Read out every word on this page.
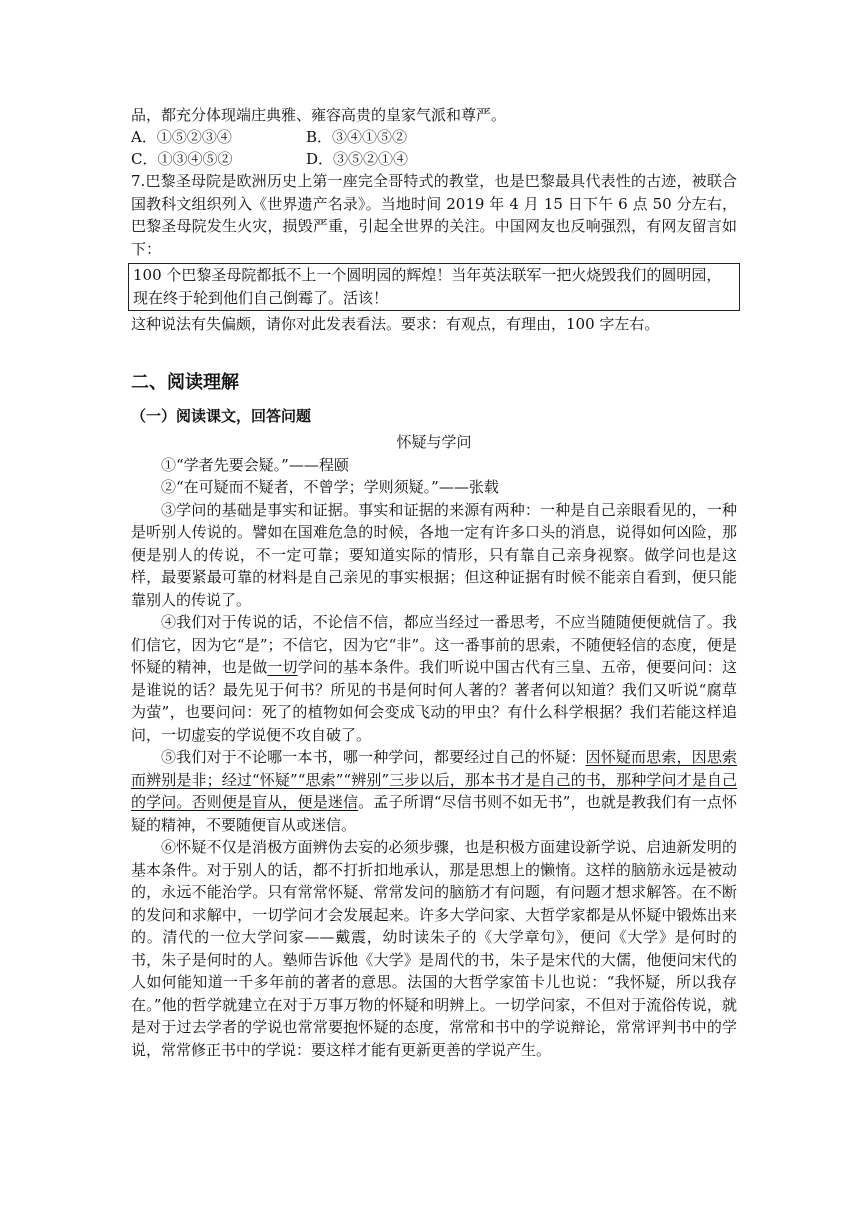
品，都充分体现端庄典雅、雍容高贵的皇家气派和尊严。
A．①⑤②③④	B．③④①⑤②
C．①③④⑤②	D．③⑤②①④
7.巴黎圣母院是欧洲历史上第一座完全哥特式的教堂，也是巴黎最具代表性的古迹，被联合国教科文组织列入《世界遗产名录》。当地时间 2019 年 4 月 15 日下午 6 点 50 分左右，巴黎圣母院发生火灾，损毁严重，引起全世界的关注。中国网友也反响强烈，有网友留言如下：
100 个巴黎圣母院都抵不上一个圆明园的辉煌！当年英法联军一把火烧毁我们的圆明园，现在终于轮到他们自己倒霉了。活该！
这种说法有失偏颇，请你对此发表看法。要求：有观点，有理由，100 字左右。
二、阅读理解
（一）阅读课文，回答问题
怀疑与学问
①“学者先要会疑。”——程颐
②“在可疑而不疑者，不曾学；学则须疑。”——张载
③学问的基础是事实和证据。事实和证据的来源有两种：一种是自己亲眼看见的，一种是听别人传说的。譬如在国难危急的时候，各地一定有许多口头的消息，说得如何凶险，那便是别人的传说，不一定可靠；要知道实际的情形，只有靠自己亲身视察。做学问也是这样，最要紧最可靠的材料是自己亲见的事实根据；但这种证据有时候不能亲自看到，便只能靠别人的传说了。
④我们对于传说的话，不论信不信，都应当经过一番思考，不应当随随便便就信了。我们信它，因为它“是”；不信它，因为它“非”。这一番事前的思索，不随便轻信的态度，便是怀疑的精神，也是做一切学问的基本条件。我们听说中国古代有三皇、五帝，便要问问：这是谁说的话？最先见于何书？所见的书是何时何人著的？著者何以知道？我们又听说“腐草为萤”，也要问问：死了的植物如何会变成飞动的甲虫？有什么科学根据？我们若能这样追问，一切虚妄的学说便不攻自破了。
⑤我们对于不论哪一本书，哪一种学问，都要经过自己的怀疑：因怀疑而思索，因思索而辨别是非；经过“怀疑”“思索”“辨别”三步以后，那本书才是自己的书，那种学问才是自己的学问。否则便是盲从，便是迷信。孟子所谓“尽信书则不如无书”，也就是教我们有一点怀疑的精神，不要随便盲从或迷信。
⑥怀疑不仅是消极方面辨伪去妄的必须步骤，也是积极方面建设新学说、启迪新发明的基本条件。对于别人的话，都不打折扣地承认，那是思想上的懒惰。这样的脑筋永远是被动的，永远不能治学。只有常常怀疑、常常发问的脑筋才有问题，有问题才想求解答。在不断的发问和求解中，一切学问才会发展起来。许多大学问家、大哲学家都是从怀疑中锻炼出来的。清代的一位大学问家——戴震，幼时读朱子的《大学章句》，便问《大学》是何时的书，朱子是何时的人。塾师告诉他《大学》是周代的书，朱子是宋代的大儒，他便问宋代的人如何能知道一千多年前的著者的意思。法国的大哲学家笛卡儿也说：“我怀疑，所以我存在。”他的哲学就建立在对于万事万物的怀疑和明辨上。一切学问家，不但对于流俗传说，就是对于过去学者的学说也常常要抱怀疑的态度，常常和书中的学说辩论，常常评判书中的学说，常常修正书中的学说：要这样才能有更新更善的学说产生。
